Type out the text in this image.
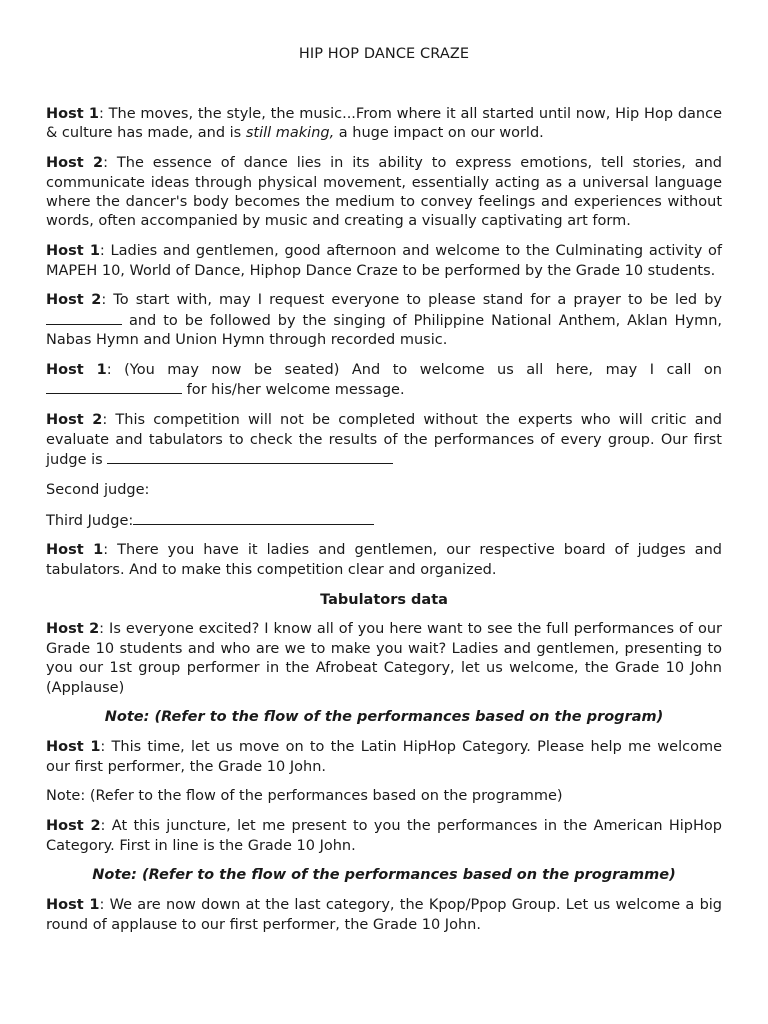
HIP HOP DANCE CRAZE

Host 1: The moves, the style, the music...From where it all started until now, Hip Hop dance & culture has made, and is still making, a huge impact on our world.

Host 2: The essence of dance lies in its ability to express emotions, tell stories, and communicate ideas through physical movement, essentially acting as a universal language where the dancer's body becomes the medium to convey feelings and experiences without words, often accompanied by music and creating a visually captivating art form.

Host 1: Ladies and gentlemen, good afternoon and welcome to the Culminating activity of MAPEH 10, World of Dance, Hiphop Dance Craze to be performed by the Grade 10 students.

Host 2: To start with, may I request everyone to please stand for a prayer to be led by  and to be followed by the singing of Philippine National Anthem, Aklan Hymn, Nabas Hymn and Union Hymn through recorded music.

Host 1: (You may now be seated) And to welcome us all here, may I call on  for his/her welcome message.

Host 2: This competition will not be completed without the experts who will critic and evaluate and tabulators to check the results of the performances of every group. Our first judge is

Second judge:

Third Judge:

Host 1: There you have it ladies and gentlemen, our respective board of judges and tabulators. And to make this competition clear and organized.

Tabulators data

Host 2: Is everyone excited? I know all of you here want to see the full performances of our Grade 10 students and who are we to make you wait? Ladies and gentlemen, presenting to you our 1st group performer in the Afrobeat Category, let us welcome, the Grade 10 John (Applause)

Note: (Refer to the flow of the performances based on the program)

Host 1: This time, let us move on to the Latin HipHop Category. Please help me welcome our first performer, the Grade 10 John.

Note: (Refer to the flow of the performances based on the programme)

Host 2: At this juncture, let me present to you the performances in the American HipHop Category. First in line is the Grade 10 John.

Note: (Refer to the flow of the performances based on the programme)

Host 1: We are now down at the last category, the Kpop/Ppop Group. Let us welcome a big round of applause to our first performer, the Grade 10 John.
